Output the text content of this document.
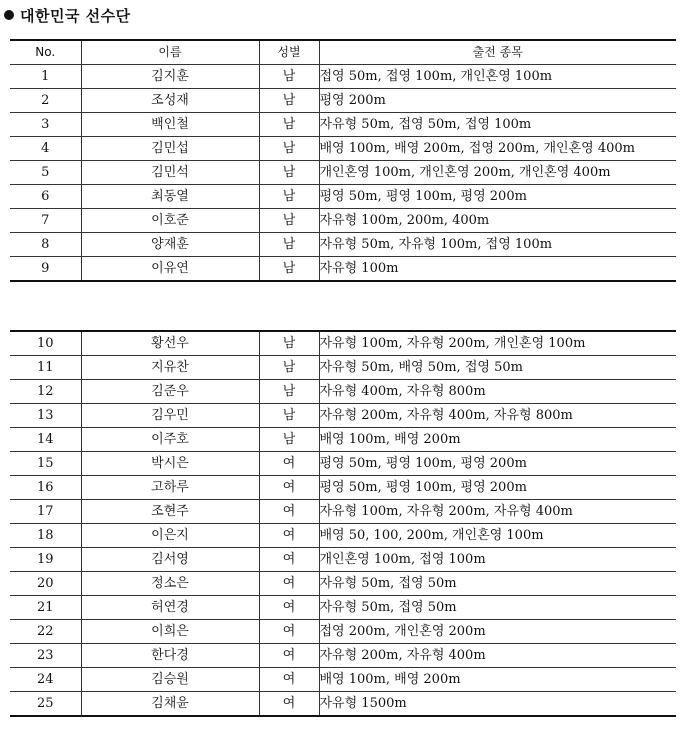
대한민국 선수단
No.	이름	성별	출전 종목
1	김지훈	남	접영 50m, 접영 100m, 개인혼영 100m
2	조성재	남	평영 200m
3	백인철	남	자유형 50m, 접영 50m, 접영 100m
4	김민섭	남	배영 100m, 배영 200m, 접영 200m, 개인혼영 400m
5	김민석	남	개인혼영 100m, 개인혼영 200m, 개인혼영 400m
6	최동열	남	평영 50m, 평영 100m, 평영 200m
7	이호준	남	자유형 100m, 200m, 400m
8	양재훈	남	자유형 50m, 자유형 100m, 접영 100m
9	이유연	남	자유형 100m
10	황선우	남	자유형 100m, 자유형 200m, 개인혼영 100m
11	지유찬	남	자유형 50m, 배영 50m, 접영 50m
12	김준우	남	자유형 400m, 자유형 800m
13	김우민	남	자유형 200m, 자유형 400m, 자유형 800m
14	이주호	남	배영 100m, 배영 200m
15	박시은	여	평영 50m, 평영 100m, 평영 200m
16	고하루	여	평영 50m, 평영 100m, 평영 200m
17	조현주	여	자유형 100m, 자유형 200m, 자유형 400m
18	이은지	여	배영 50, 100, 200m, 개인혼영 100m
19	김서영	여	개인혼영 100m, 접영 100m
20	정소은	여	자유형 50m, 접영 50m
21	허연경	여	자유형 50m, 접영 50m
22	이희은	여	접영 200m, 개인혼영 200m
23	한다경	여	자유형 200m, 자유형 400m
24	김승원	여	배영 100m, 배영 200m
25	김채윤	여	자유형 1500m
